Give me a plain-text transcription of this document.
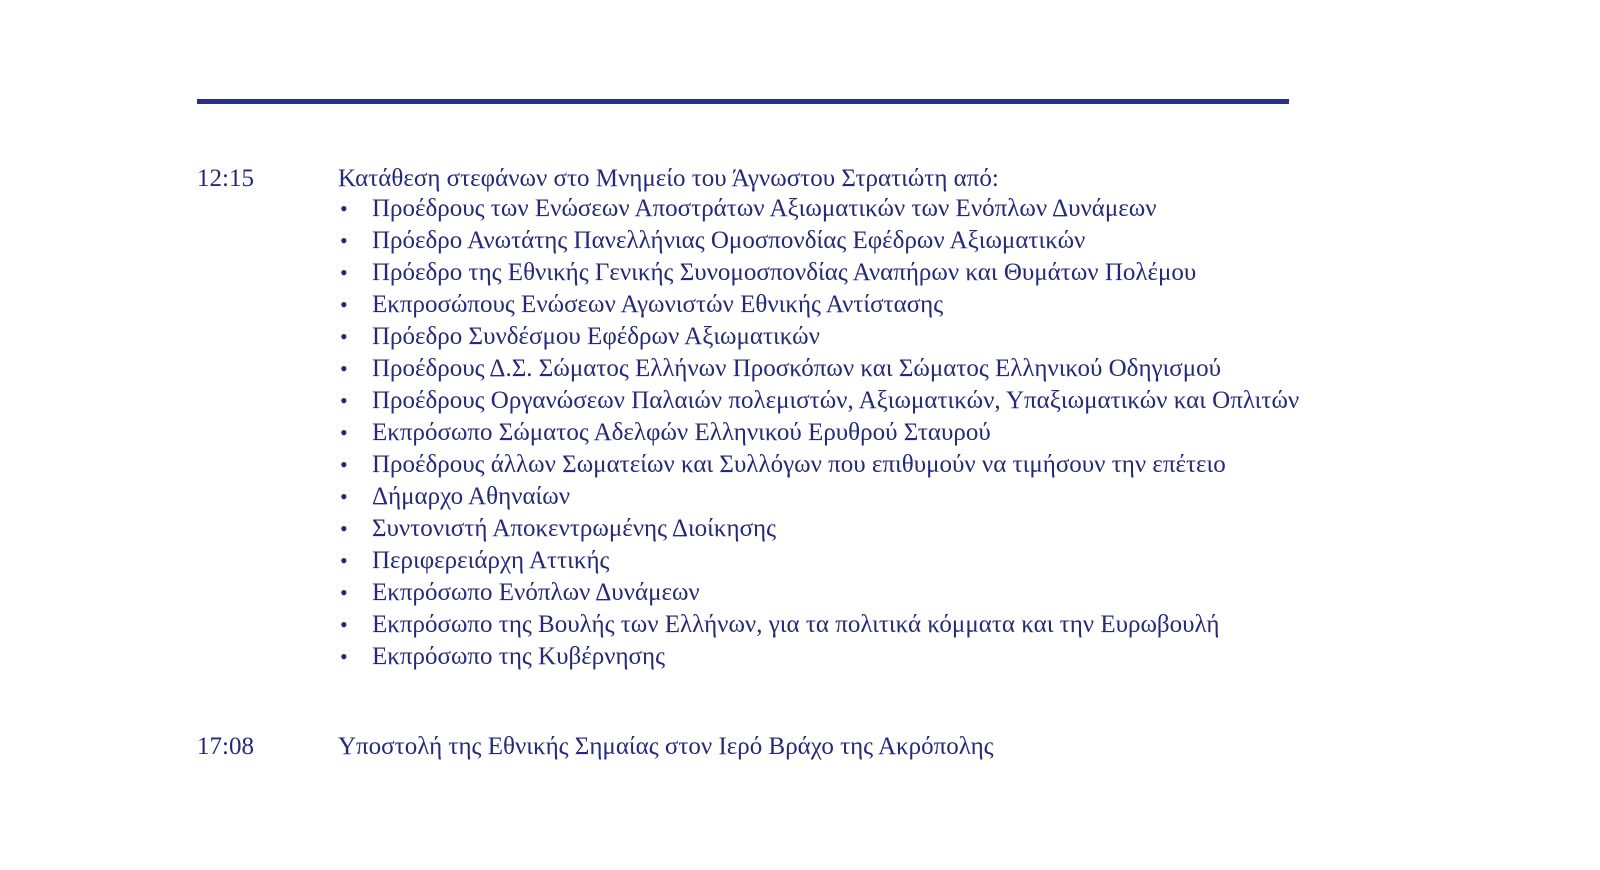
12:15	Κατάθεση στεφάνων στο Μνημείο του Άγνωστου Στρατιώτη από:
• Προέδρους των Ενώσεων Αποστράτων Αξιωματικών των Ενόπλων Δυνάμεων
• Πρόεδρο Ανωτάτης Πανελλήνιας Ομοσπονδίας Εφέδρων Αξιωματικών
• Πρόεδρο της Εθνικής Γενικής Συνομοσπονδίας Αναπήρων και Θυμάτων Πολέμου
• Εκπροσώπους Ενώσεων Αγωνιστών Εθνικής Αντίστασης
• Πρόεδρο Συνδέσμου Εφέδρων Αξιωματικών
• Προέδρους Δ.Σ. Σώματος Ελλήνων Προσκόπων και Σώματος Ελληνικού Οδηγισμού
• Προέδρους Οργανώσεων Παλαιών πολεμιστών, Αξιωματικών, Υπαξιωματικών και Οπλιτών
• Εκπρόσωπο Σώματος Αδελφών Ελληνικού Ερυθρού Σταυρού
• Προέδρους άλλων Σωματείων και Συλλόγων που επιθυμούν να τιμήσουν την επέτειο
• Δήμαρχο Αθηναίων
• Συντονιστή Αποκεντρωμένης Διοίκησης
• Περιφερειάρχη Αττικής
• Εκπρόσωπο Ενόπλων Δυνάμεων
• Εκπρόσωπο της Βουλής των Ελλήνων, για τα πολιτικά κόμματα και την Ευρωβουλή
• Εκπρόσωπο της Κυβέρνησης
17:08	Υποστολή της Εθνικής Σημαίας στον Ιερό Βράχο της Ακρόπολης
